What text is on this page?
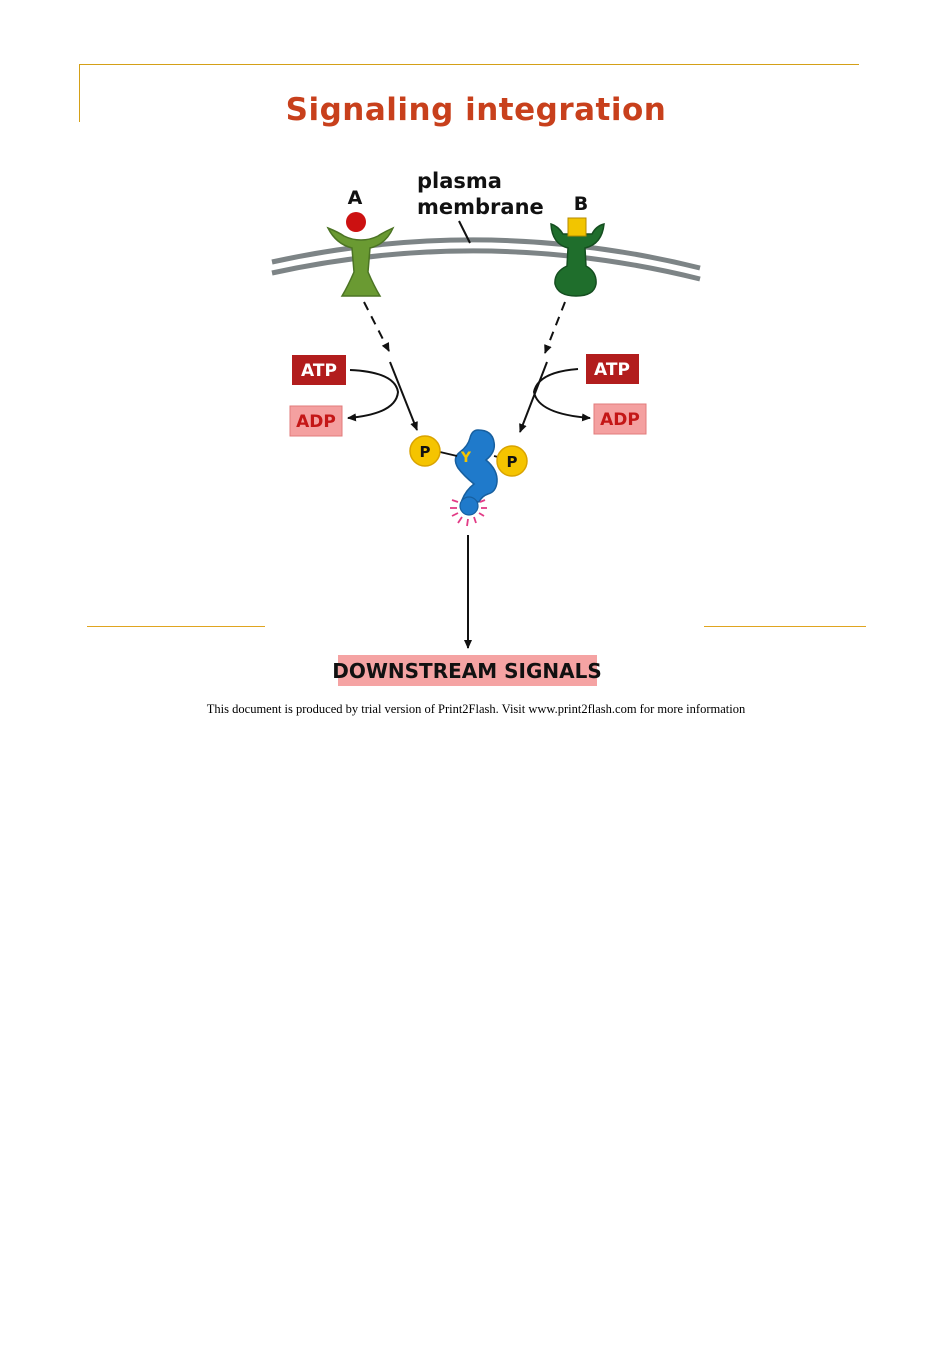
Signaling integration
plasma
membrane
A	B
ATP
ADP
ATP
ADP
Y
P
P
DOWNSTREAM SIGNALS
This document is produced by trial version of Print2Flash. Visit www.print2flash.com for more information
